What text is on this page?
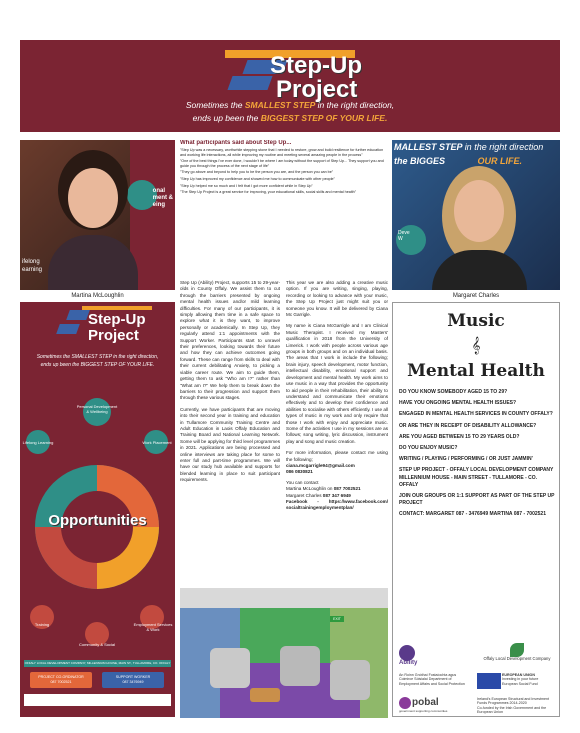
Step-Up
Project
Sometimes the SMALLEST STEP in the right direction,
ends up been the BIGGEST STEP OF YOUR LIFE.
onal
ment &
eing
ifelong
earning
Martina McLoughlin
What participants said about Step Up...

"Step Up was a necessary, worthwhile stepping stone that I needed to restore, grow and build resilience for further education and working life interactions, all while improving my routine and meeting several amazing people in the process"

"One of the best things I've ever done, I wouldn't be where I am today without the support of Step Up... They support you and guide you through the process of the next stage of life"

"They go above and beyond to help you to be the person you are, and the person you can be"

"Step Up has improved my confidence and showed me how to communicate with other people"

"Step Up helped me so much and I felt that I got more confident while in Step Up"

"The Step Up Project is a great service for improving, your educational skills, social skills and mental health"

MALLEST STEP in the right direction
the BIGGES	OUR LIFE.
Deve
W
Margaret Charles

Step Up (Ability) Project, supports 15 to 29-year-olds in County Offaly. We assist them to cut through the barriers presented by ongoing mental health issues and/or mild learning difficulties. For many of our participants, it is simply allowing them time in a safe space to explore what it is they want, to improve personally or academically. In Step Up, they regularly attend 1:1 appointments with the Support Worker. Participants start to unravel their preferences, looking towards their future and how they can achieve outcomes going forward. These can range from skills to deal with their current debilitating Anxiety, to picking a viable career route. We aim to guide them, getting them to ask "Who am I?" rather than "What am I?" We help them to break down the barriers to their progression and support them through these various stages.

Currently, we have participants that are moving into their second year in training and education in Tullamore Community Training Centre and Adult Education in Laois Offaly Education and Training Board and National Learning Network. Some will be applying for third level programmes in 2021. Applications are being processed and online interviews are taking place for some to enter full and part-time programmes. We will have our study hub available and supports for blended learning in place to suit participant requirements.

This year we are also adding a creative music option. If you are writing, singing, playing, recording or looking to advance with your music, the Step Up Project just might suit you or someone you know. It will be delivered by Ciana Mc Garrigle.

My name is Ciana McGarrigle and I am Clinical Music Therapist. I received my Masters' qualification in 2018 from the University of Limerick. I work with people across various age groups in both groups and on an individual basis. The areas that I work in include the following; brain injury, speech development, motor function, intellectual disability, emotional support and development and mental health. My work aims to use music in a way that provides the opportunity to aid people in their rehabilitation, their ability to understand and communicate their emotions effectively and to develop their confidence and abilities to socialise with others efficiently. I use all types of music in my work and only require that those I work with enjoy and appreciate music. Some of the activities I use in my sessions are as follows; song writing, lyric discussion, instrument play and song and music creation.

For more information, please contact me using the following;

ciana.mcgarrigle94@gmail.com
086 0830821
You can contact
Martina McLoughlin on 087 7002521
Margaret Charles 087 347 6949
Facebook - https://www.facebook.com/ socialtrainingemploymentplan/
Step-Up
Project
Sometimes the SMALLEST STEP in the right direction,
ends up been the BIGGEST STEP OF YOUR LIFE.
Personal Development & Wellbeing
Lifelong Learning	Work Placement
Opportunities
Training
Community & Social
Employment Services & Work
OFFALY LOCAL DEVELOPMENT COMPANY, MILLENNIUM HOUSE, MAIN ST., TULLAMORE, CO. OFFALY
PROJECT CO-ORDINATOR
087 7002521
SUPPORT WORKER
087 3476949
EXIT
Music
𝄞
Mental Health
DO YOU KNOW SOMEBODY AGED 15 TO 29?
HAVE YOU ONGOING MENTAL HEALTH ISSUES?
ENGAGED IN MENTAL HEALTH SERVICES IN COUNTY OFFALY?
OR ARE THEY IN RECEIPT OF DISABILITY ALLOWANCE?
ARE YOU AGED BETWEEN 15 TO 29 YEARS OLD?
DO YOU ENJOY MUSIC?
WRITING / PLAYING / PERFORMING / OR JUST JAMMIN'
STEP UP PROJECT - OFFALY LOCAL DEVELOPMENT COMPANY MILLENNIUM HOUSE - MAIN STREET - TULLAMORE - CO. OFFALY
JOIN OUR GROUPS OR 1:1 SUPPORT AS PART OF THE STEP UP PROJECT
CONTACT: MARGARET 087 - 3476949 MARTINA 087 - 7002521
Ability
Offaly Local Development Company
An Roinn Gnóthaí Fostaíochta agus Coimirce Sóisialaí Department of Employment Affairs and Social Protection

EUROPEAN UNION
Investing in your future
European Social Fund
pobal
government supporting communities
Ireland's European Structural and Investment Funds Programmes 2014-2020
Co-funded by the Irish Government and the European Union
